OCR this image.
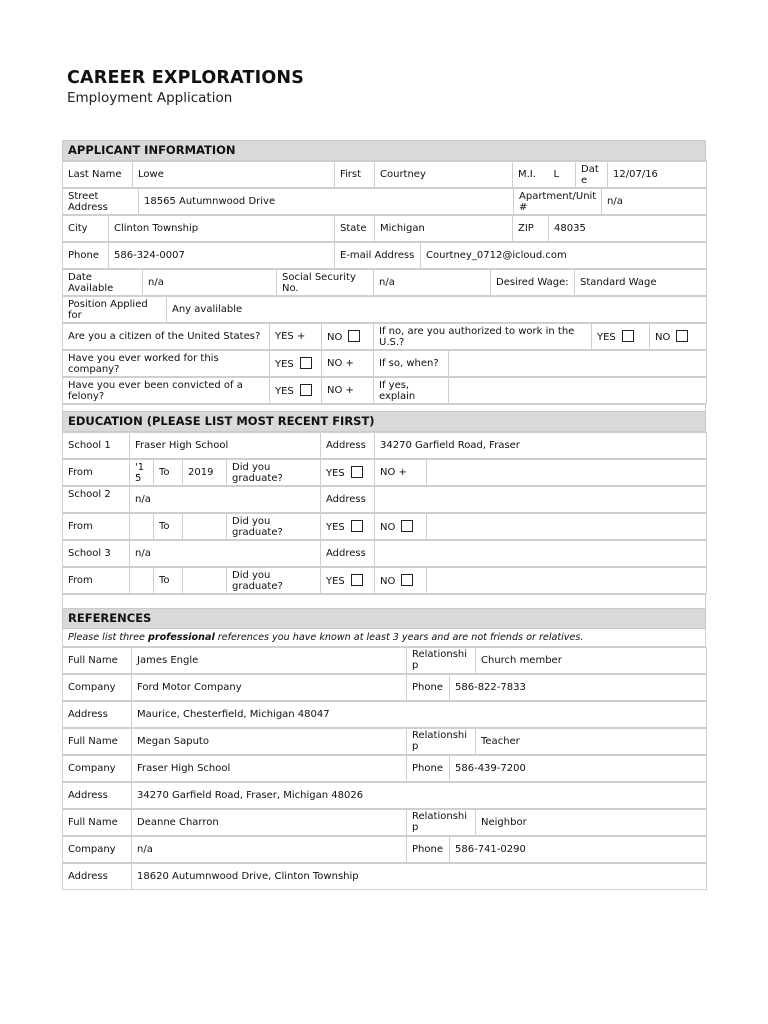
CAREER EXPLORATIONS
Employment Application
APPLICANT INFORMATION
Last Name	Lowe	First	Courtney	M.I.	L	Dat e	12/07/16
Street Address	18565 Autumnwood Drive	Apartment/Unit #	n/a
City	Clinton Township	State	Michigan	ZIP	48035
Phone	586-324-0007	E-mail Address	Courtney_0712@icloud.com
Date Available	n/a	Social Security No.	n/a	Desired Wage:	Standard Wage
Position Applied for	Any avalilable
Are you a citizen of the United States?	YES +	NO	If no, are you authorized to work in the U.S.?	YES	NO
Have you ever worked for this company?	YES	NO +	If so, when?	
Have you ever been convicted of a felony?	YES	NO +	If yes, explain	
EDUCATION (PLEASE LIST MOST RECENT FIRST)
School 1	Fraser High School	Address	34270 Garfield Road, Fraser
From	'1 5	To	2019	Did you graduate?	YES	NO +	
School 2	n/a	Address	
From		To		Did you graduate?	YES	NO	
School 3	n/a	Address	
From		To		Did you graduate?	YES	NO	
REFERENCES
Please list three professional references you have known at least 3 years and are not friends or relatives.
Full Name	James Engle	Relationshi p	Church member
Company	Ford Motor Company	Phone	586-822-7833
Address	Maurice, Chesterfield, Michigan 48047
Full Name	Megan Saputo	Relationshi p	Teacher
Company	Fraser High School	Phone	586-439-7200
Address	34270 Garfield Road, Fraser, Michigan 48026
Full Name	Deanne Charron	Relationshi p	Neighbor
Company	n/a	Phone	586-741-0290
Address	18620 Autumnwood Drive, Clinton Township
